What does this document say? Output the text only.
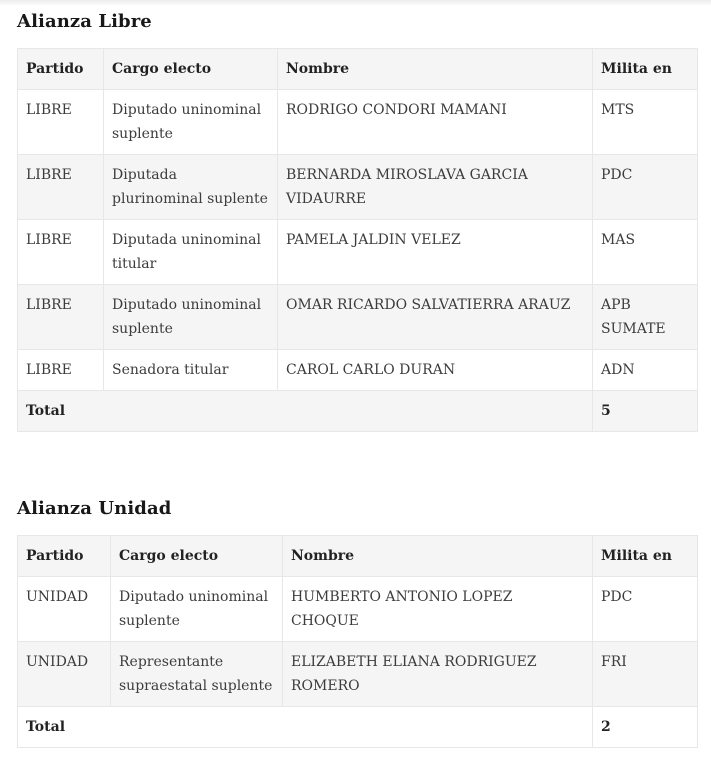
Alianza Libre
Partido	Cargo electo	Nombre	Milita en
LIBRE	Diputado uninominal suplente	RODRIGO CONDORI MAMANI	MTS
LIBRE	Diputada plurinominal suplente	BERNARDA MIROSLAVA GARCIA VIDAURRE	PDC
LIBRE	Diputada uninominal titular	PAMELA JALDIN VELEZ	MAS
LIBRE	Diputado uninominal suplente	OMAR RICARDO SALVATIERRA ARAUZ	APB SUMATE
LIBRE	Senadora titular	CAROL CARLO DURAN	ADN
Total			5
Alianza Unidad
Partido	Cargo electo	Nombre	Milita en
UNIDAD	Diputado uninominal suplente	HUMBERTO ANTONIO LOPEZ CHOQUE	PDC
UNIDAD	Representante supraestatal suplente	ELIZABETH ELIANA RODRIGUEZ ROMERO	FRI
Total			2
